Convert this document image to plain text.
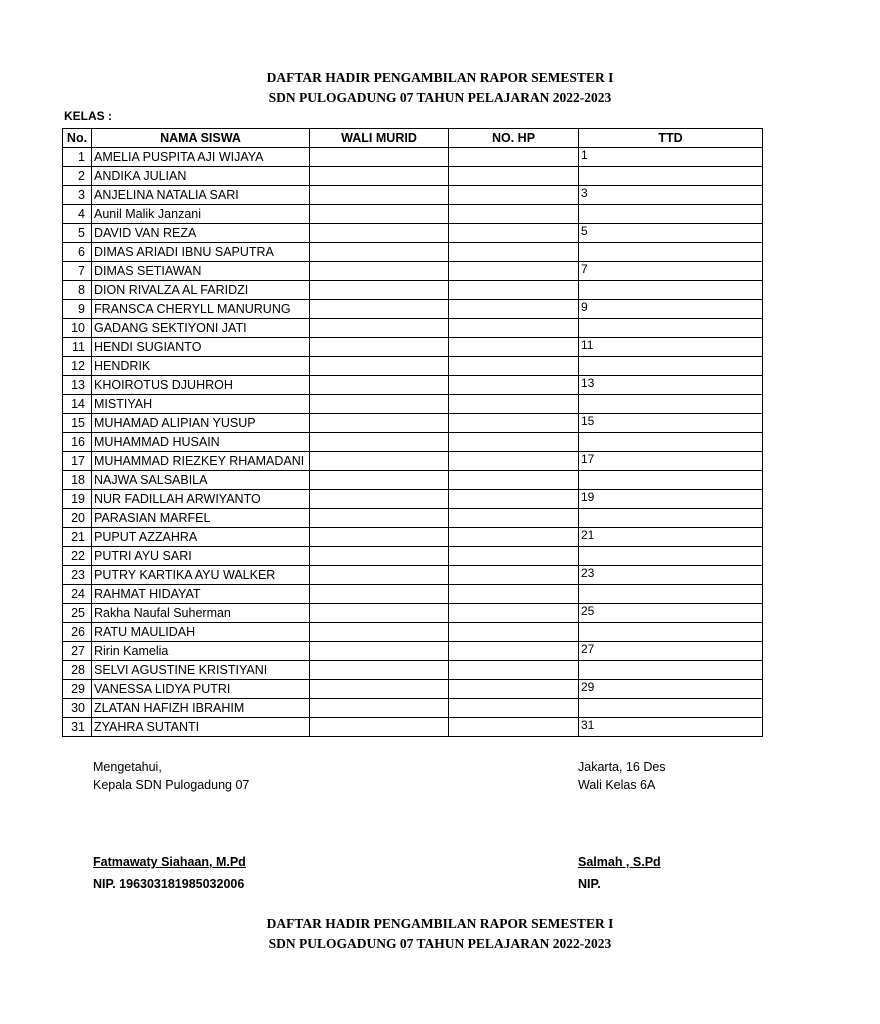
DAFTAR HADIR PENGAMBILAN RAPOR SEMESTER I
SDN PULOGADUNG 07 TAHUN PELAJARAN 2022-2023
KELAS :
No.	NAMA SISWA	WALI MURID	NO. HP	TTD
1	AMELIA PUSPITA AJI WIJAYA			1
2	ANDIKA JULIAN			
3	ANJELINA NATALIA SARI			3
4	Aunil Malik Janzani			
5	DAVID VAN REZA			5
6	DIMAS ARIADI IBNU SAPUTRA			
7	DIMAS SETIAWAN			7
8	DION RIVALZA AL FARIDZI			
9	FRANSCA CHERYLL MANURUNG			9
10	GADANG SEKTIYONI JATI			
11	HENDI SUGIANTO			11
12	HENDRIK			
13	KHOIROTUS DJUHROH			13
14	MISTIYAH			
15	MUHAMAD ALIPIAN YUSUP			15
16	MUHAMMAD HUSAIN			
17	MUHAMMAD RIEZKEY RHAMADANI			17
18	NAJWA SALSABILA			
19	NUR FADILLAH ARWIYANTO			19
20	PARASIAN MARFEL			
21	PUPUT AZZAHRA			21
22	PUTRI AYU SARI			
23	PUTRY KARTIKA AYU WALKER			23
24	RAHMAT HIDAYAT			
25	Rakha Naufal Suherman			25
26	RATU MAULIDAH			
27	Ririn Kamelia			27
28	SELVI AGUSTINE KRISTIYANI			
29	VANESSA LIDYA PUTRI			29
30	ZLATAN HAFIZH IBRAHIM			
31	ZYAHRA SUTANTI			31
Mengetahui,
Kepala SDN Pulogadung 07
Jakarta, 16 Des
Wali Kelas 6A
Fatmawaty Siahaan, M.Pd
NIP. 196303181985032006
Salmah , S.Pd
NIP.
DAFTAR HADIR PENGAMBILAN RAPOR SEMESTER I
SDN PULOGADUNG 07 TAHUN PELAJARAN 2022-2023
